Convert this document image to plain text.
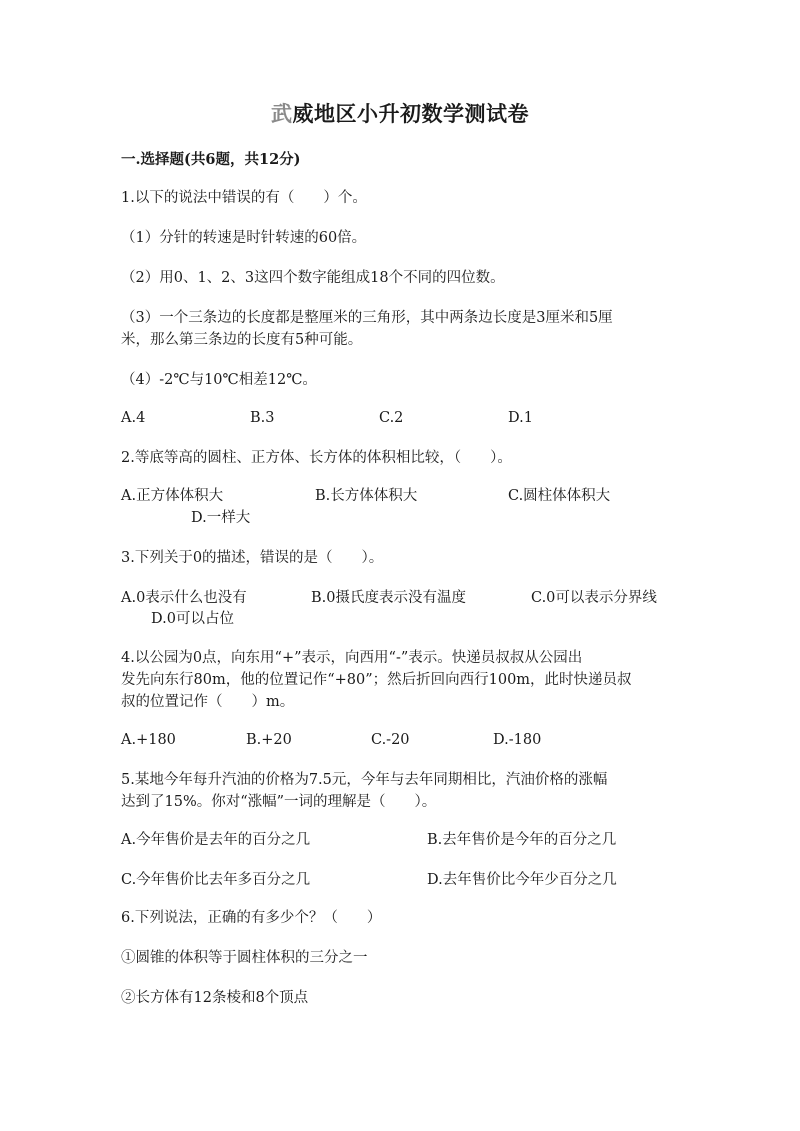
武威地区小升初数学测试卷
一.选择题(共6题，共12分)
1.以下的说法中错误的有（　　）个。
（1）分针的转速是时针转速的60倍。
（2）用0、1、2、3这四个数字能组成18个不同的四位数。
（3）一个三条边的长度都是整厘米的三角形，其中两条边长度是3厘米和5厘
米，那么第三条边的长度有5种可能。
（4）-2℃与10℃相差12℃。
A.4	B.3	C.2	D.1
2.等底等高的圆柱、正方体、长方体的体积相比较，（　　）。
A.正方体体积大	B.长方体体积大	C.圆柱体体积大
D.一样大
3.下列关于0的描述，错误的是（　　）。
A.0表示什么也没有	B.0摄氏度表示没有温度	C.0可以表示分界线
D.0可以占位
4.以公园为0点，向东用“+”表示，向西用“-”表示。快递员叔叔从公园出
发先向东行80m，他的位置记作“+80”；然后折回向西行100m，此时快递员叔
叔的位置记作（　　）m。
A.+180	B.+20	C.-20	D.-180
5.某地今年每升汽油的价格为7.5元，今年与去年同期相比，汽油价格的涨幅
达到了15%。你对“涨幅”一词的理解是（　　）。
A.今年售价是去年的百分之几	B.去年售价是今年的百分之几
C.今年售价比去年多百分之几	D.去年售价比今年少百分之几
6.下列说法，正确的有多少个？（　　）
①圆锥的体积等于圆柱体积的三分之一
②长方体有12条棱和8个顶点
